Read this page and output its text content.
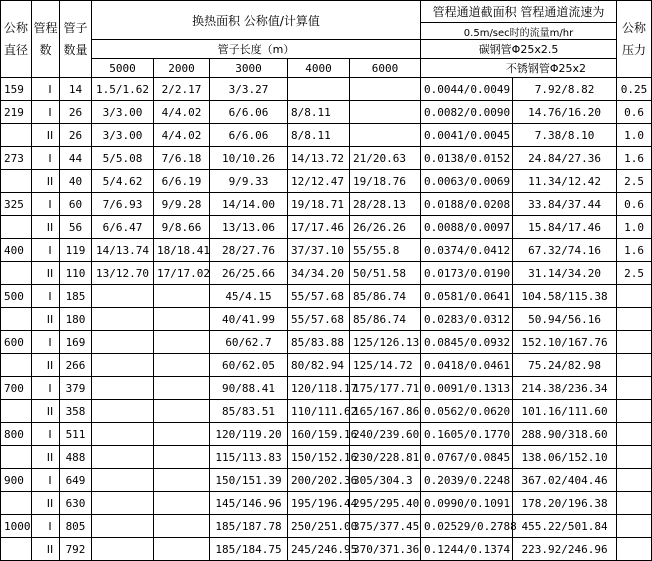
公称直径	管程数	管子数量	换热面积 公称值/计算值					管程通道截面积 管程通道流速为		公称压力
								0.5m/sec时的流量m/hr		
			管子长度（m）					碳钢管Φ25x2.5		
			5000	2000	3000	4000	6000	不锈钢管Φ25x2		
159	I	14	1.5/1.62	2/2.17	3/3.27			0.0044/0.0049	7.92/8.82	0.25
219	I	26	3/3.00	4/4.02	6/6.06	8/8.11		0.0082/0.0090	14.76/16.20	0.6
	II	26	3/3.00	4/4.02	6/6.06	8/8.11		0.0041/0.0045	7.38/8.10	1.0
273	I	44	5/5.08	7/6.18	10/10.26	14/13.72	21/20.63	0.0138/0.0152	24.84/27.36	1.6
	II	40	5/4.62	6/6.19	9/9.33	12/12.47	19/18.76	0.0063/0.0069	11.34/12.42	2.5
325	I	60	7/6.93	9/9.28	14/14.00	19/18.71	28/28.13	0.0188/0.0208	33.84/37.44	0.6
	II	56	6/6.47	9/8.66	13/13.06	17/17.46	26/26.26	0.0088/0.0097	15.84/17.46	1.0
400	I	119	14/13.74	18/18.41	28/27.76	37/37.10	55/55.8	0.0374/0.0412	67.32/74.16	1.6
	II	110	13/12.70	17/17.02	26/25.66	34/34.20	50/51.58	0.0173/0.0190	31.14/34.20	2.5
500	I	185			45/4.15	55/57.68	85/86.74	0.0581/0.0641	104.58/115.38	
	II	180			40/41.99	55/57.68	85/86.74	0.0283/0.0312	50.94/56.16	
600	I	169			60/62.7	85/83.88	125/126.13	0.0845/0.0932	152.10/167.76	
	II	266			60/62.05	80/82.94	125/14.72	0.0418/0.0461	75.24/82.98	
700	I	379			90/88.41	120/118.17	175/177.71	0.0091/0.1313	214.38/236.34	
	II	358			85/83.51	110/111.62	165/167.86	0.0562/0.0620	101.16/111.60	
800	I	511			120/119.20	160/159.16	240/239.60	0.1605/0.1770	288.90/318.60	
	II	488			115/113.83	150/152.16	230/228.81	0.0767/0.0845	138.06/152.10	
900	I	649			150/151.39	200/202.36	305/304.3	0.2039/0.2248	367.02/404.46	
	II	630			145/146.96	195/196.44	295/295.40	0.0990/0.1091	178.20/196.38	
1000	I	805			185/187.78	250/251.00	375/377.45	0.02529/0.2788	455.22/501.84	
	II	792			185/184.75	245/246.95	370/371.36	0.1244/0.1374	223.92/246.96	
